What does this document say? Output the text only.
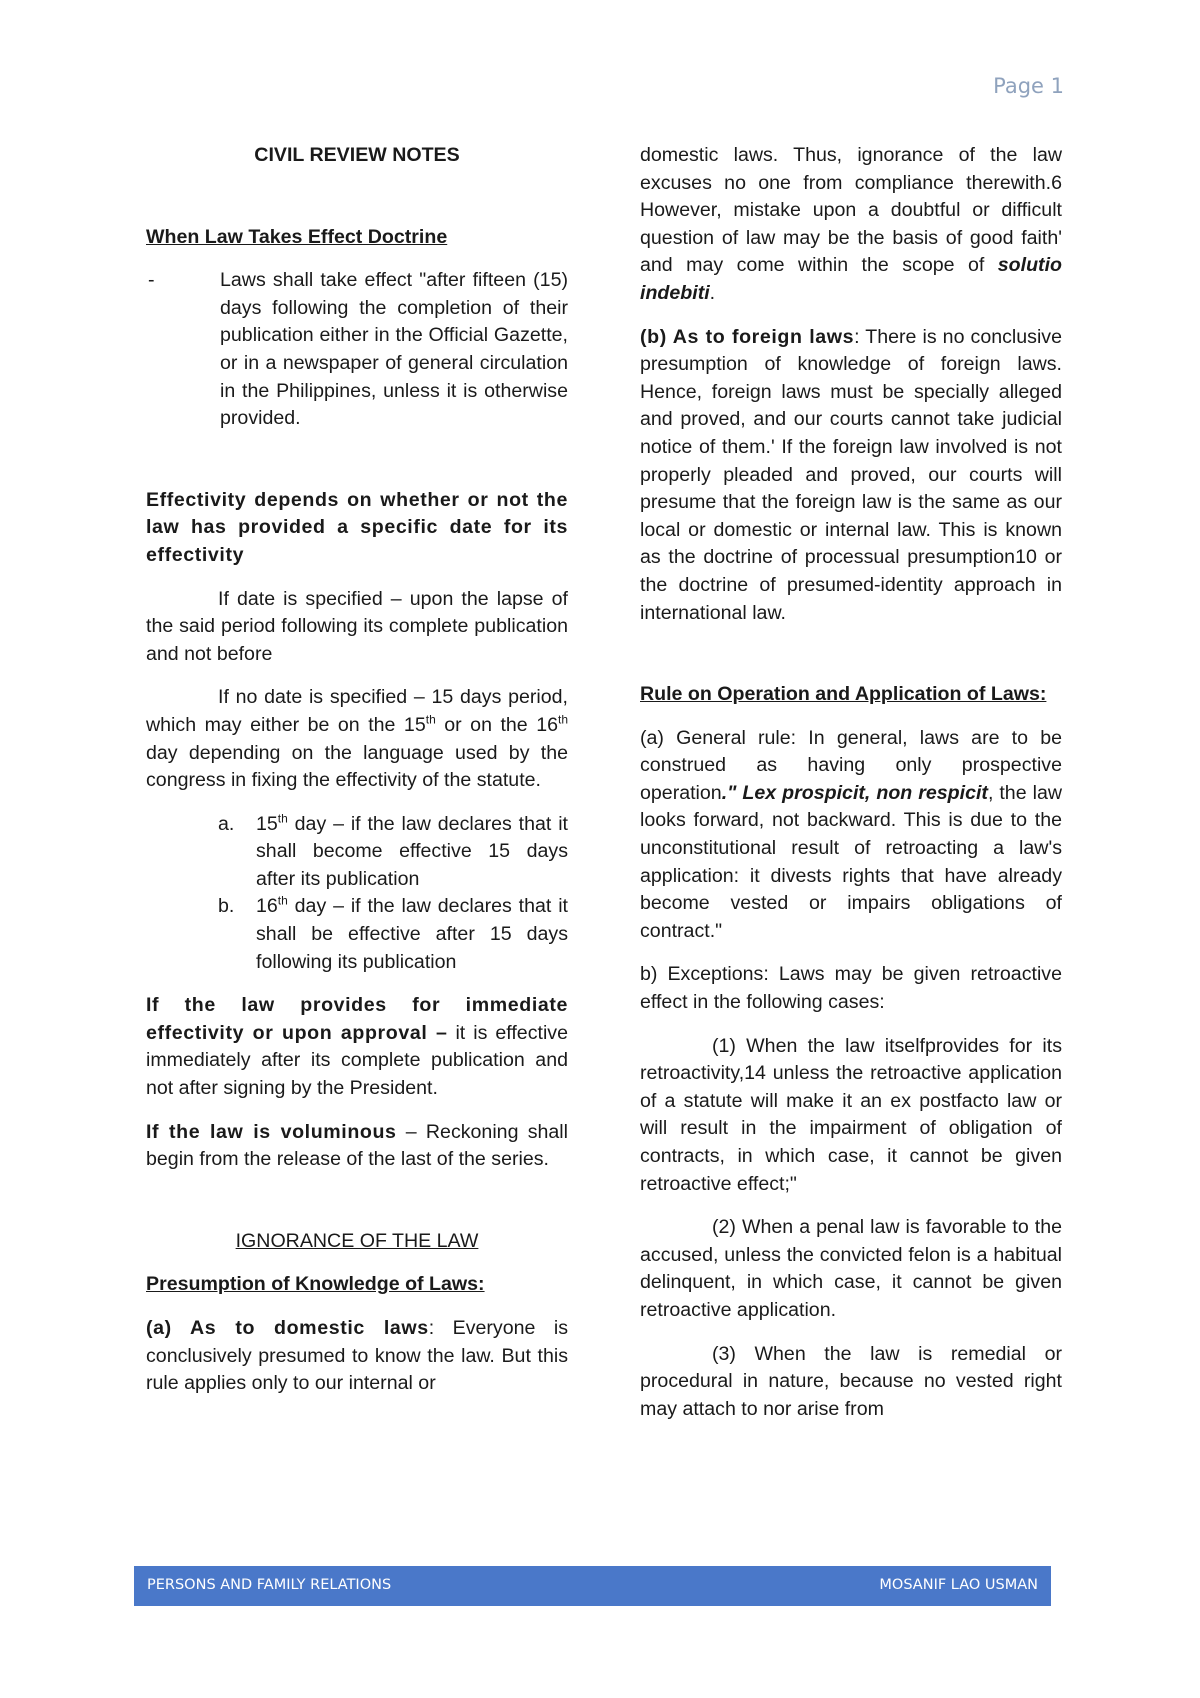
Page 1

CIVIL REVIEW NOTES

When Law Takes Effect Doctrine

-	Laws shall take effect "after fifteen (15) days following the completion of their publication either in the Official Gazette, or in a newspaper of general circulation in the Philippines, unless it is otherwise provided.

Effectivity depends on whether or not the law has provided a specific date for its effectivity

If date is specified – upon the lapse of the said period following its complete publication and not before

If no date is specified – 15 days period, which may either be on the 15th or on the 16th day depending on the language used by the congress in fixing the effectivity of the statute.

a.	15th day – if the law declares that it shall become effective 15 days after its publication
b.	16th day – if the law declares that it shall be effective after 15 days following its publication

If the law provides for immediate effectivity or upon approval – it is effective immediately after its complete publication and not after signing by the President.

If the law is voluminous – Reckoning shall begin from the release of the last of the series.

IGNORANCE OF THE LAW

Presumption of Knowledge of Laws:

(a) As to domestic laws: Everyone is conclusively presumed to know the law. But this rule applies only to our internal or

domestic laws. Thus, ignorance of the law excuses no one from compliance therewith.6 However, mistake upon a doubtful or difficult question of law may be the basis of good faith' and may come within the scope of solutio indebiti.

(b) As to foreign laws: There is no conclusive presumption of knowledge of foreign laws. Hence, foreign laws must be specially alleged and proved, and our courts cannot take judicial notice of them.' If the foreign law involved is not properly pleaded and proved, our courts will presume that the foreign law is the same as our local or domestic or internal law. This is known as the doctrine of processual presumption10 or the doctrine of presumed-identity approach in international law.

Rule on Operation and Application of Laws:

(a) General rule: In general, laws are to be construed as having only prospective operation." Lex prospicit, non respicit, the law looks forward, not backward. This is due to the unconstitutional result of retroacting a law's application: it divests rights that have already become vested or impairs obligations of contract."

b) Exceptions: Laws may be given retroactive effect in the following cases:

(1) When the law itselfprovides for its retroactivity,14 unless the retroactive application of a statute will make it an ex postfacto law or will result in the impairment of obligation of contracts, in which case, it cannot be given retroactive effect;"

(2) When a penal law is favorable to the accused, unless the convicted felon is a habitual delinquent, in which case, it cannot be given retroactive application.

(3) When the law is remedial or procedural in nature, because no vested right may attach to nor arise from

PERSONS AND FAMILY RELATIONS	MOSANIF LAO USMAN
